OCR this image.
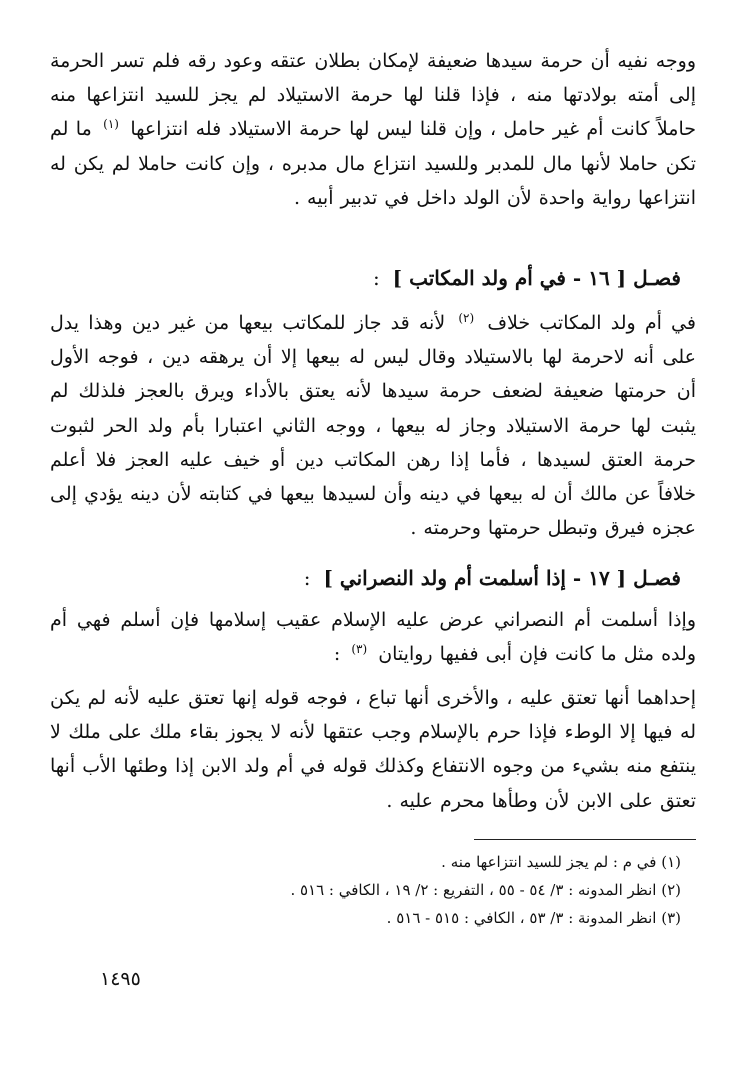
ووجه نفيه أن حرمة سيدها ضعيفة لإمكان بطلان عتقه وعود رقه فلم تسر الحرمة إلى أمته بولادتها منه ، فإذا قلنا لها حرمة الاستيلاد لم يجز للسيد انتزاعها منه حاملاً كانت أم غير حامل ، وإن قلنا ليس لها حرمة الاستيلاد فله انتزاعها $^{(١)}$ ما لم تكن حاملا لأنها مال للمدبر وللسيد انتزاع مال مدبره ، وإن كانت حاملا لم يكن له انتزاعها رواية واحدة لأن الولد داخل في تدبير أبيه .
فصـل [ ١٦ - في أم ولد المكاتب ] :
في أم ولد المكاتب خلاف $^{(٢)}$ لأنه قد جاز للمكاتب بيعها من غير دين وهذا يدل على أنه لاحرمة لها بالاستيلاد وقال ليس له بيعها إلا أن يرهقه دين ، فوجه الأول أن حرمتها ضعيفة لضعف حرمة سيدها لأنه يعتق بالأداء ويرق بالعجز فلذلك لم يثبت لها حرمة الاستيلاد وجاز له بيعها ، ووجه الثاني اعتبارا بأم ولد الحر لثبوت حرمة العتق لسيدها ، فأما إذا رهن المكاتب دين أو خيف عليه العجز فلا أعلم خلافاً عن مالك أن له بيعها في دينه وأن لسيدها بيعها في كتابته لأن دينه يؤدي إلى عجزه فيرق وتبطل حرمتها وحرمته .
فصـل [ ١٧ - إذا أسلمت أم ولد النصراني ] :
وإذا أسلمت أم النصراني عرض عليه الإسلام عقيب إسلامها فإن أسلم فهي أم ولده مثل ما كانت فإن أبى ففيها روايتان $^{(٣)}$ :
إحداهما أنها تعتق عليه ، والأخرى أنها تباع ، فوجه قوله إنها تعتق عليه لأنه لم يكن له فيها إلا الوطء فإذا حرم بالإسلام وجب عتقها لأنه لا يجوز بقاء ملك على ملك لا ينتفع منه بشيء من وجوه الانتفاع وكذلك قوله في أم ولد الابن إذا وطئها الأب أنها تعتق على الابن لأن وطأها محرم عليه .
(١) في م : لم يجز للسيد انتزاعها منه .
(٢) انظر المدونه : ٣/ ٥٤ - ٥٥ ، التفريع : ٢/ ١٩ ، الكافي : ٥١٦ .
(٣) انظر المدونة : ٣/ ٥٣ ، الكافي : ٥١٥ - ٥١٦ .
١٤٩٥
